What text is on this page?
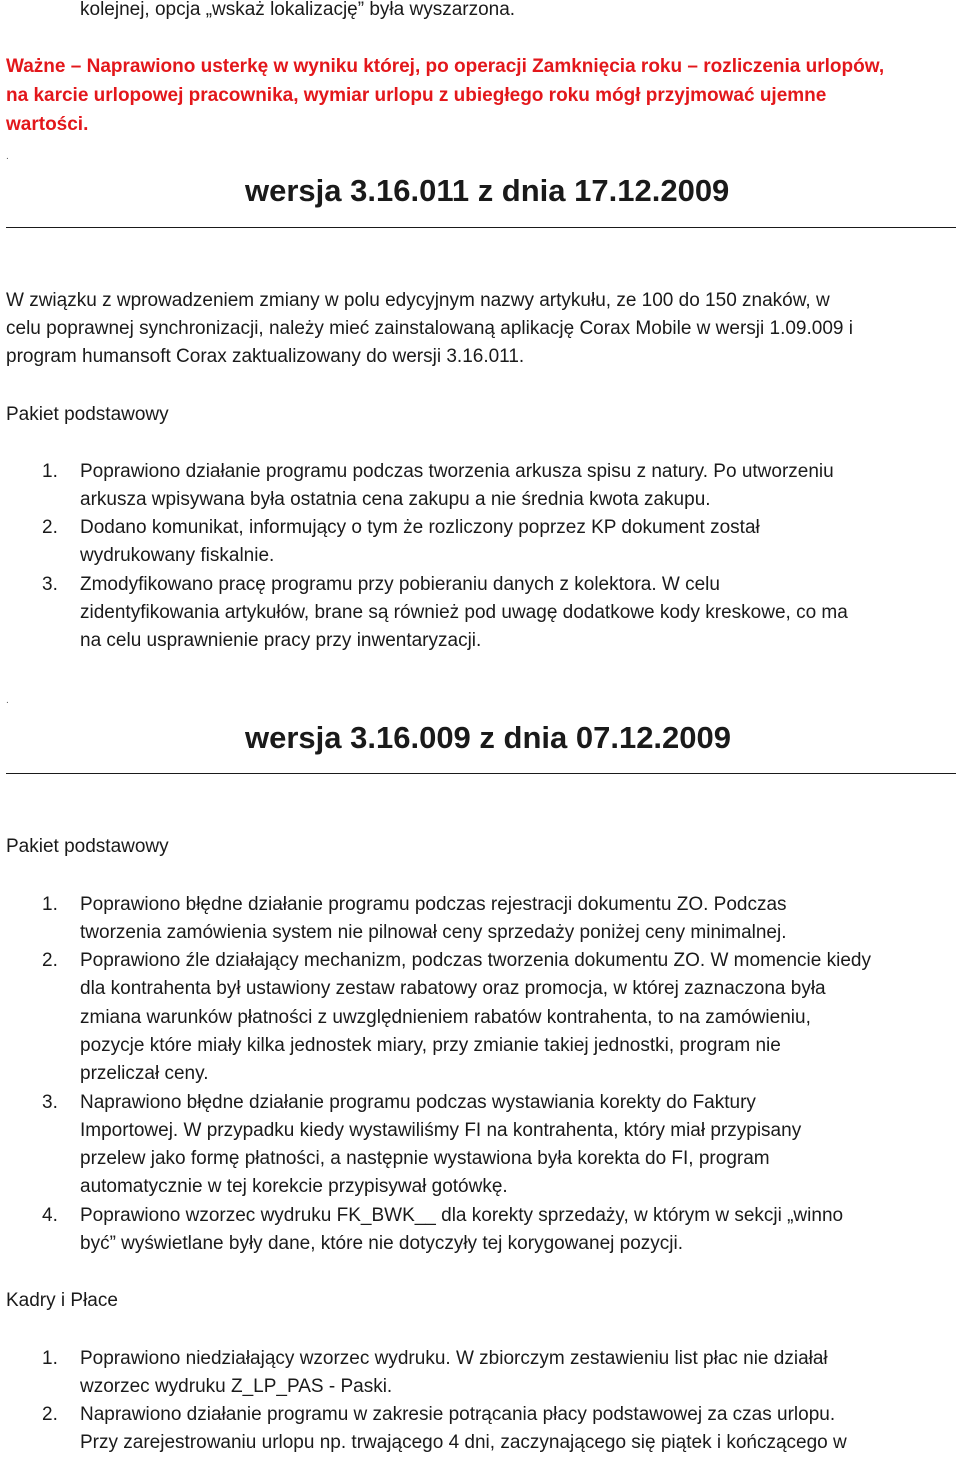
kolejnej, opcja „wskaż lokalizację” była wyszarzona.
Ważne – Naprawiono usterkę w wyniku której, po operacji Zamknięcia roku – rozliczenia urlopów,
na karcie urlopowej pracownika, wymiar urlopu z ubiegłego roku mógł przyjmować ujemne
wartości.
.
wersja 3.16.011 z dnia 17.12.2009
W związku z wprowadzeniem zmiany w polu edycyjnym nazwy artykułu, ze 100 do 150 znaków, w
celu poprawnej synchronizacji, należy mieć zainstalowaną aplikację Corax Mobile w wersji 1.09.009 i
program humansoft Corax zaktualizowany do wersji 3.16.011.
Pakiet podstawowy
1. Poprawiono działanie programu podczas tworzenia arkusza spisu z natury. Po utworzeniu
arkusza wpisywana była ostatnia cena zakupu a nie średnia kwota zakupu.
2. Dodano komunikat, informujący o tym że rozliczony poprzez KP dokument został
wydrukowany fiskalnie.
3. Zmodyfikowano pracę programu przy pobieraniu danych z kolektora. W celu
zidentyfikowania artykułów, brane są również pod uwagę dodatkowe kody kreskowe, co ma
na celu usprawnienie pracy przy inwentaryzacji.
.
wersja 3.16.009 z dnia 07.12.2009
Pakiet podstawowy
1. Poprawiono błędne działanie programu podczas rejestracji dokumentu ZO. Podczas
tworzenia zamówienia system nie pilnował ceny sprzedaży poniżej ceny minimalnej.
2. Poprawiono źle działający mechanizm, podczas tworzenia dokumentu ZO. W momencie kiedy
dla kontrahenta był ustawiony zestaw rabatowy oraz promocja, w której zaznaczona była
zmiana warunków płatności z uwzględnieniem rabatów kontrahenta, to na zamówieniu,
pozycje które miały kilka jednostek miary, przy zmianie takiej jednostki, program nie
przeliczał ceny.
3. Naprawiono błędne działanie programu podczas wystawiania korekty do Faktury
Importowej. W przypadku kiedy wystawiliśmy FI na kontrahenta, który miał przypisany
przelew jako formę płatności, a następnie wystawiona była korekta do FI, program
automatycznie w tej korekcie przypisywał gotówkę.
4. Poprawiono wzorzec wydruku FK_BWK__ dla korekty sprzedaży, w którym w sekcji „winno
być” wyświetlane były dane, które nie dotyczyły tej korygowanej pozycji.
Kadry i Płace
1. Poprawiono niedziałający wzorzec wydruku. W zbiorczym zestawieniu list płac nie działał
wzorzec wydruku Z_LP_PAS - Paski.
2. Naprawiono działanie programu w zakresie potrącania płacy podstawowej za czas urlopu.
Przy zarejestrowaniu urlopu np. trwającego 4 dni, zaczynającego się piątek i kończącego w
